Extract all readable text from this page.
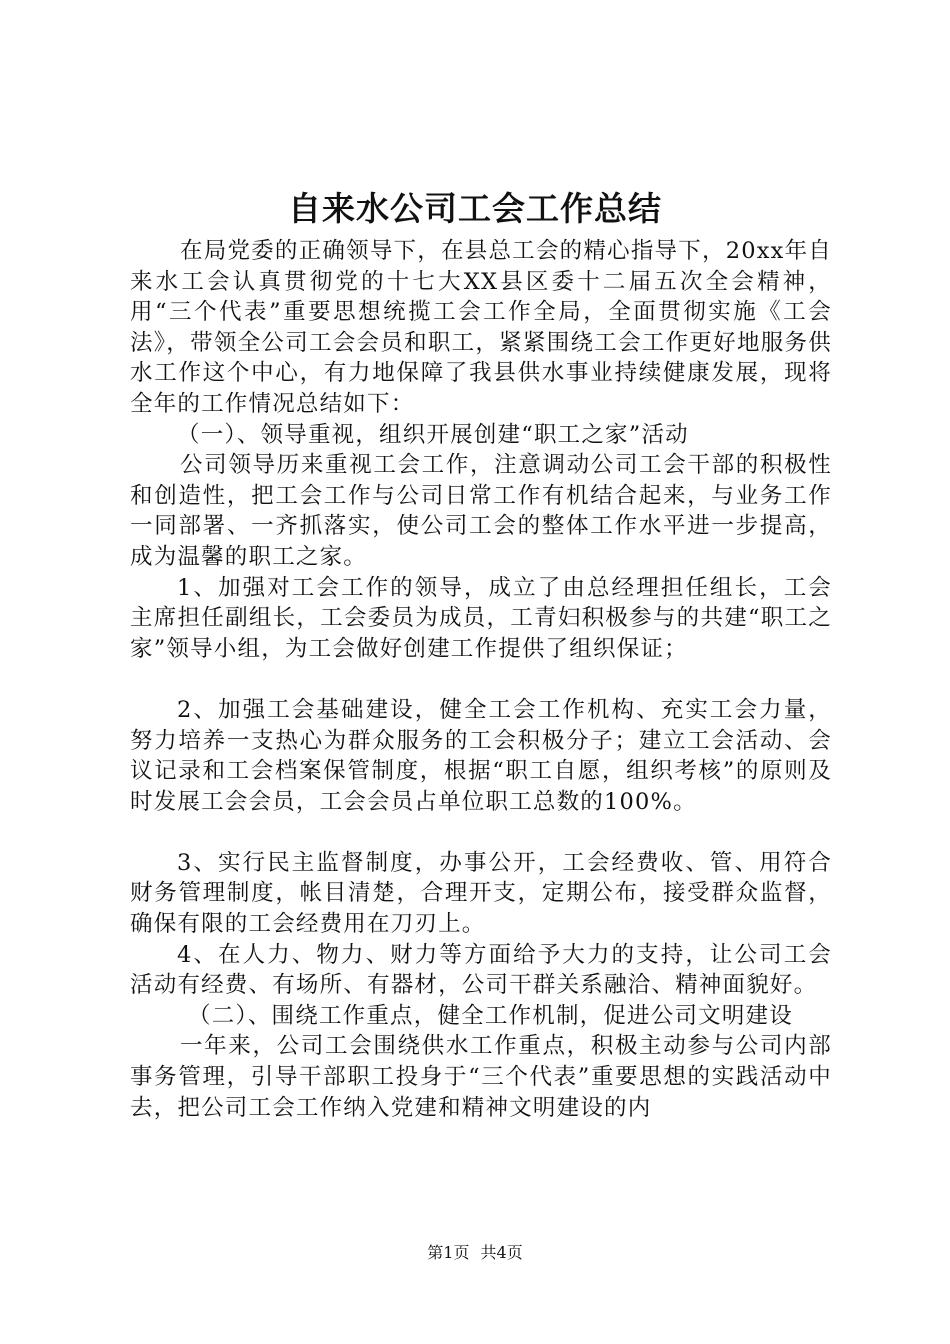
自来水公司工会工作总结

在局党委的正确领导下，在县总工会的精心指导下，20xx年自来水工会认真贯彻党的十七大XX县区委十二届五次全会精神，用“三个代表”重要思想统揽工会工作全局，全面贯彻实施《工会法》，带领全公司工会会员和职工，紧紧围绕工会工作更好地服务供水工作这个中心，有力地保障了我县供水事业持续健康发展，现将全年的工作情况总结如下：

（一）、领导重视，组织开展创建“职工之家”活动

公司领导历来重视工会工作，注意调动公司工会干部的积极性和创造性，把工会工作与公司日常工作有机结合起来，与业务工作一同部署、一齐抓落实，使公司工会的整体工作水平进一步提高，成为温馨的职工之家。

1、加强对工会工作的领导，成立了由总经理担任组长，工会主席担任副组长，工会委员为成员，工青妇积极参与的共建“职工之家”领导小组，为工会做好创建工作提供了组织保证；

2、加强工会基础建设，健全工会工作机构、充实工会力量，努力培养一支热心为群众服务的工会积极分子；建立工会活动、会议记录和工会档案保管制度，根据“职工自愿，组织考核”的原则及时发展工会会员，工会会员占单位职工总数的100%。

3、实行民主监督制度，办事公开，工会经费收、管、用符合财务管理制度，帐目清楚，合理开支，定期公布，接受群众监督，确保有限的工会经费用在刀刃上。

4、在人力、物力、财力等方面给予大力的支持，让公司工会活动有经费、有场所、有器材，公司干群关系融洽、精神面貌好。

（二）、围绕工作重点，健全工作机制，促进公司文明建设

一年来，公司工会围绕供水工作重点，积极主动参与公司内部事务管理，引导干部职工投身于“三个代表”重要思想的实践活动中去，把公司工会工作纳入党建和精神文明建设的内

第1页 共4页
